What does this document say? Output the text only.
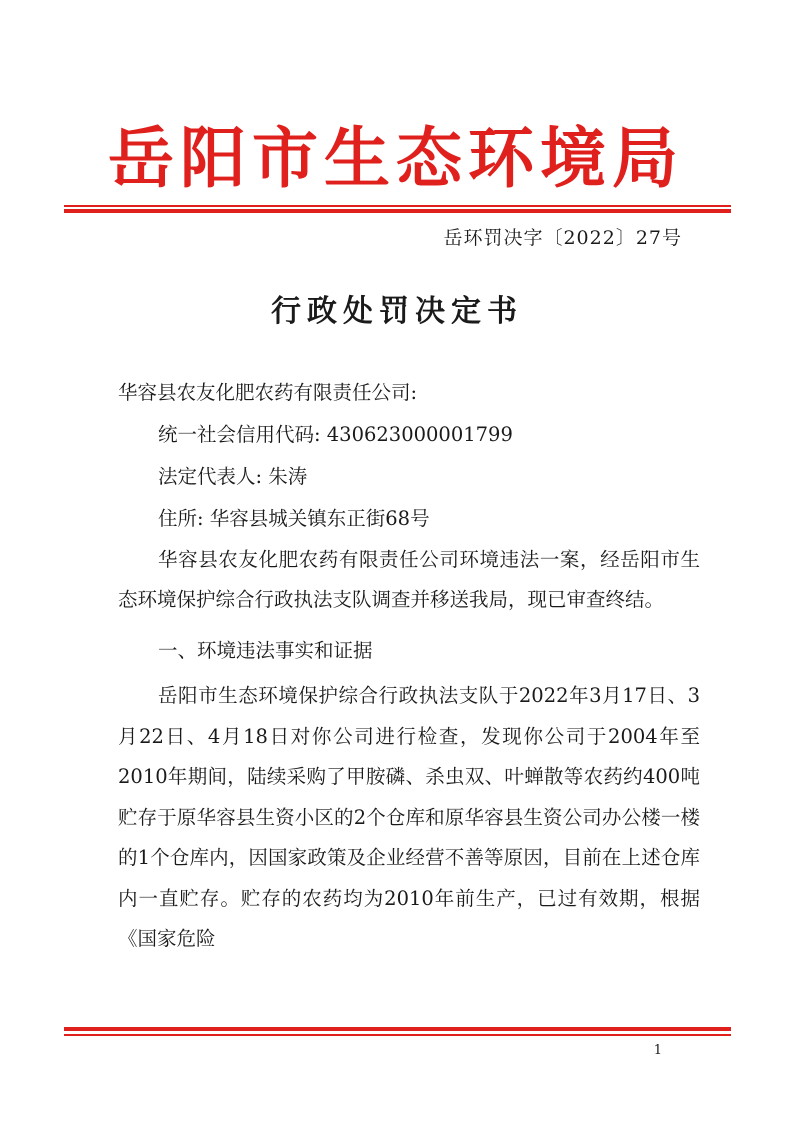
岳阳市生态环境局
岳环罚决字〔2022〕27号
行政处罚决定书

华容县农友化肥农药有限责任公司:

统一社会信用代码: 430623000001799

法定代表人: 朱涛

住所: 华容县城关镇东正街68号

华容县农友化肥农药有限责任公司环境违法一案，经岳阳市生态环境保护综合行政执法支队调查并移送我局，现已审查终结。

一、环境违法事实和证据

岳阳市生态环境保护综合行政执法支队于2022年3月17日、3月22日、4月18日对你公司进行检查，发现你公司于2004年至2010年期间，陆续采购了甲胺磷、杀虫双、叶蝉散等农药约400吨贮存于原华容县生资小区的2个仓库和原华容县生资公司办公楼一楼的1个仓库内，因国家政策及企业经营不善等原因，目前在上述仓库内一直贮存。贮存的农药均为2010年前生产，已过有效期，根据《国家危险

1
